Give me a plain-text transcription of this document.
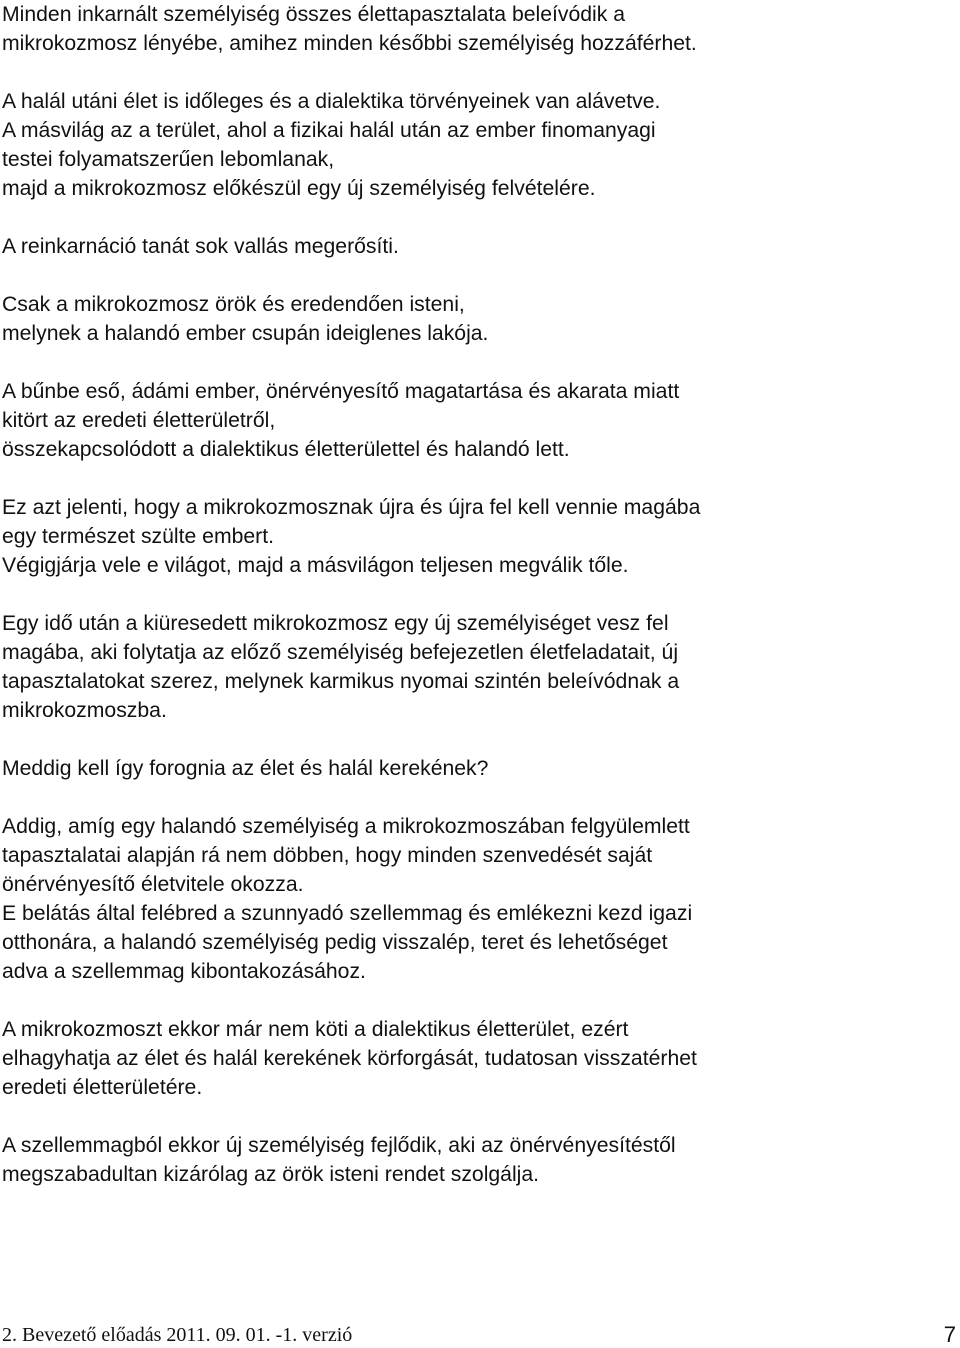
Minden inkarnált személyiség összes élettapasztalata beleívódik a
mikrokozmosz lényébe, amihez minden későbbi személyiség hozzáférhet.

A halál utáni élet is időleges és a dialektika törvényeinek van alávetve.
A másvilág az a terület, ahol a fizikai halál után az ember finomanyagi
testei folyamatszerűen lebomlanak,
majd a mikrokozmosz előkészül egy új személyiség felvételére.

A reinkarnáció tanát sok vallás megerősíti.

Csak a mikrokozmosz örök és eredendően isteni,
melynek a halandó ember csupán ideiglenes lakója.

A bűnbe eső, ádámi ember, önérvényesítő magatartása és akarata miatt
kitört az eredeti életterületről,
összekapcsolódott a dialektikus életterülettel és halandó lett.

Ez azt jelenti, hogy a mikrokozmosznak újra és újra fel kell vennie magába
egy természet szülte embert.
Végigjárja vele e világot, majd a másvilágon teljesen megválik tőle.

Egy idő után a kiüresedett mikrokozmosz egy új személyiséget vesz fel
magába, aki folytatja az előző személyiség befejezetlen életfeladatait, új
tapasztalatokat szerez, melynek karmikus nyomai szintén beleívódnak a
mikrokozmoszba.

Meddig kell így forognia az élet és halál kerekének?

Addig, amíg egy halandó személyiség a mikrokozmoszában felgyülemlett
tapasztalatai alapján rá nem döbben, hogy minden szenvedését saját
önérvényesítő életvitele okozza.
E belátás által felébred a szunnyadó szellemmag és emlékezni kezd igazi
otthonára, a halandó személyiség pedig visszalép, teret és lehetőséget
adva a szellemmag kibontakozásához.

A mikrokozmoszt ekkor már nem köti a dialektikus életterület, ezért
elhagyhatja az élet és halál kerekének körforgását, tudatosan visszatérhet
eredeti életterületére.

A szellemmagból ekkor új személyiség fejlődik, aki az önérvényesítéstől
megszabadultan kizárólag az örök isteni rendet szolgálja.

2. Bevezető előadás 2011. 09. 01. -1. verzió	7
